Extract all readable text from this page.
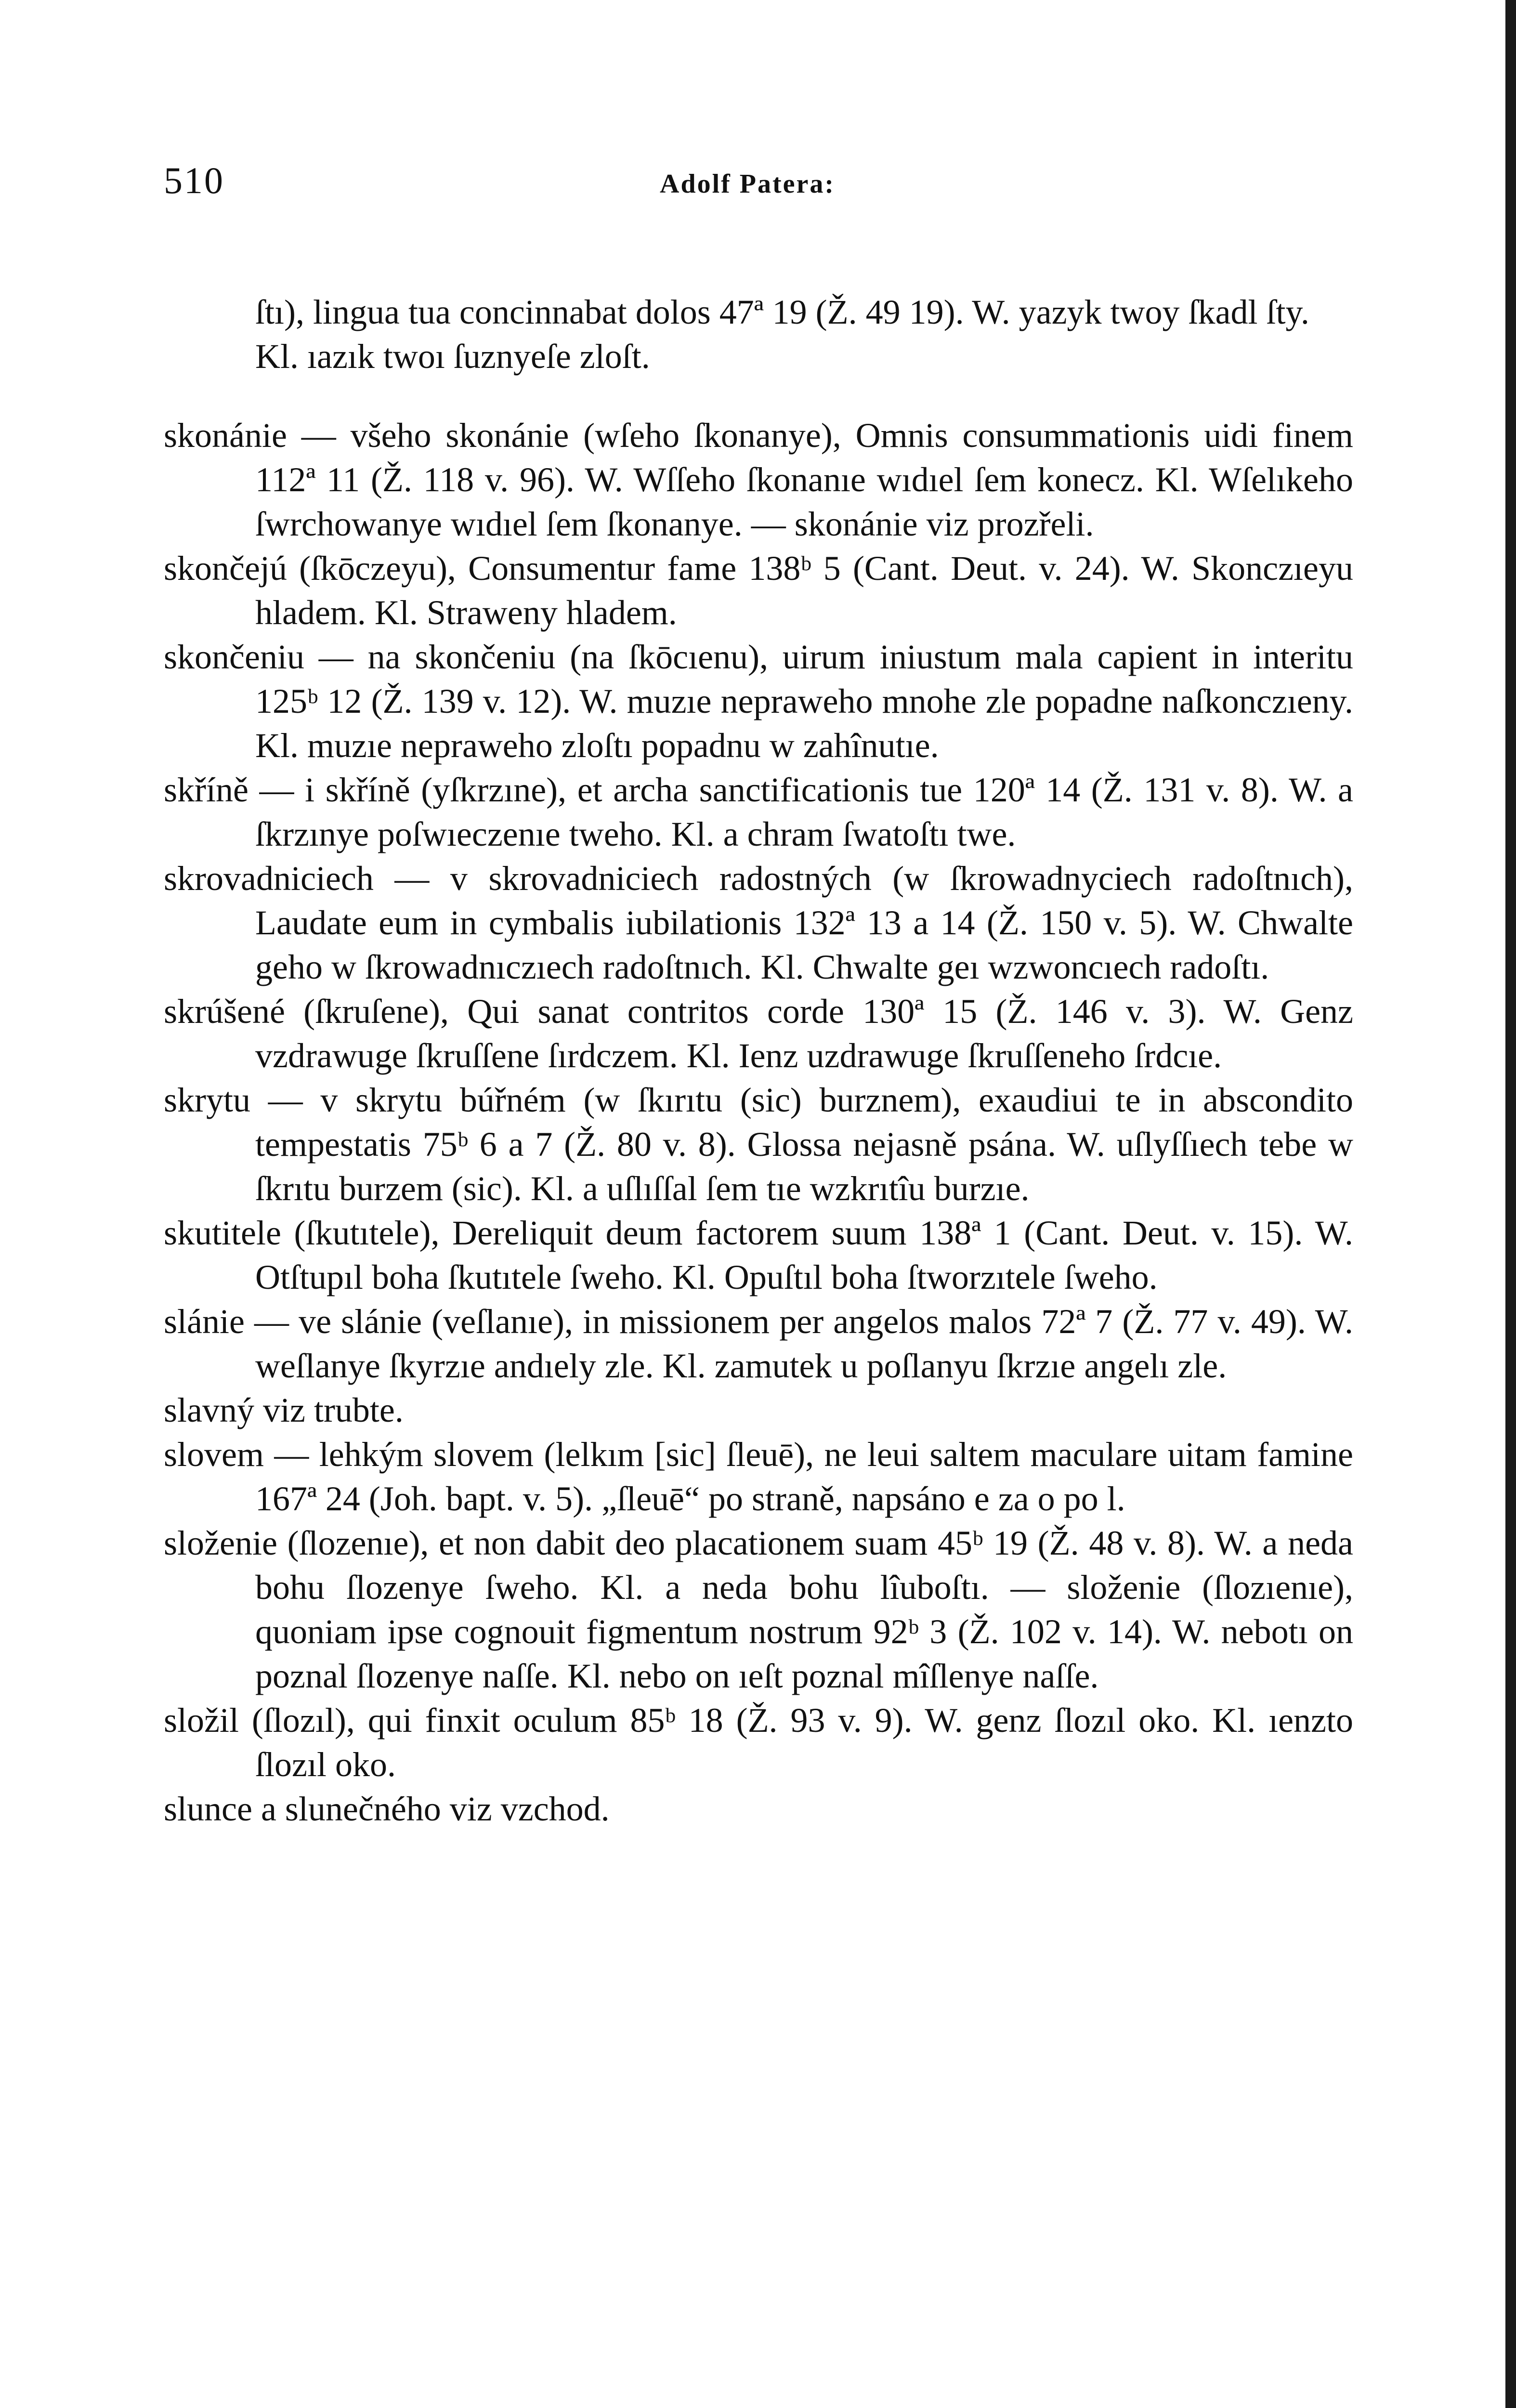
510	Adolf Patera:

ſtı), lingua tua concinnabat dolos 47ª 19 (Ž. 49 19). W. yazyk twoy ſkadl ſty. Kl. ıazık twoı ſuznyeſe zloſt.

skonánie — všeho skonánie (wſeho ſkonanye), Omnis consummationis uidi finem 112ª 11 (Ž. 118 v. 96). W. Wſſeho ſkonanıe wıdıel ſem konecz. Kl. Wſelıkeho ſwrchowanye wıdıel ſem ſkonanye. — skonánie viz prozřeli.

skončejú (ſkōczeyu), Consumentur fame 138ᵇ 5 (Cant. Deut. v. 24). W. Skonczıeyu hladem. Kl. Strawеny hladem.

skončeniu — na skončeniu (na ſkōcıenu), uirum iniustum mala capient in interitu 125ᵇ 12 (Ž. 139 v. 12). W. muzıe nepraweho mnohe zle popadne naſkonczıeny. Kl. muzıe nepraweho zloſtı popadnu w zahînutıe.

skříně — i skříně (yſkrzıne), et archa sanctificationis tue 120ª 14 (Ž. 131 v. 8). W. a ſkrzınye poſwıeczenıe tweho. Kl. a chram ſwatoſtı twe.

skrovadniciech — v skrovadniciech radostných (w ſkrowadnyciech radoſtnıch), Laudate eum in cymbalis iubilationis 132ª 13 a 14 (Ž. 150 v. 5). W. Chwalte geho w ſkrowadnıczıech radoſtnıch. Kl. Chwalte geı wzwoncıech radoſtı.

skrúšené (ſkruſene), Qui sanat contritos corde 130ª 15 (Ž. 146 v. 3). W. Genz vzdrawuge ſkruſſene ſırdczem. Kl. Ienz uzdrawuge ſkruſſeneho ſrdcıe.

skrytu — v skrytu búřném (w ſkırıtu (sic) burznem), exaudiui te in abscondito tempestatis 75ᵇ 6 a 7 (Ž. 80 v. 8). Glossa nejasně psána. W. uſlyſſıech tebe w ſkrıtu burzem (sic). Kl. a uſlıſſal ſem tıe wzkrıtîu burzıe.

skutitele (ſkutıtele), Dereliquit deum factorem suum 138ª 1 (Cant. Deut. v. 15). W. Otſtupıl boha ſkutıtele ſweho. Kl. Opuſtıl boha ſtworzıtele ſweho.

slánie — ve slánie (veſlanıe), in missionem per angelos malos 72ª 7 (Ž. 77 v. 49). W. weſlanye ſkyrzıe andıely zle. Kl. zamutek u poſlanyu ſkrzıe angelı zle.

slavný viz trubte.

slovem — lehkým slovem (lelkım [sic] ſleuē), ne leui saltem maculare uitam famine 167ª 24 (Joh. bapt. v. 5). „ſleuē“ po straně, napsáno e za o po l.

složenie (ſlozenıe), et non dabit deo placationem suam 45ᵇ 19 (Ž. 48 v. 8). W. a neda bohu ſlozenye ſweho. Kl. a neda bohu lîuboſtı. — složenie (ſlozıenıe), quoniam ipse cognouit figmentum nostrum 92ᵇ 3 (Ž. 102 v. 14). W. nebotı on poznal ſlozenye naſſe. Kl. nebo on ıeſt poznal mîſlenye naſſe.

složil (ſlozıl), qui finxit oculum 85ᵇ 18 (Ž. 93 v. 9). W. genz ſlozıl oko. Kl. ıenzto ſlozıl oko.

slunce a slunečného viz vzchod.
